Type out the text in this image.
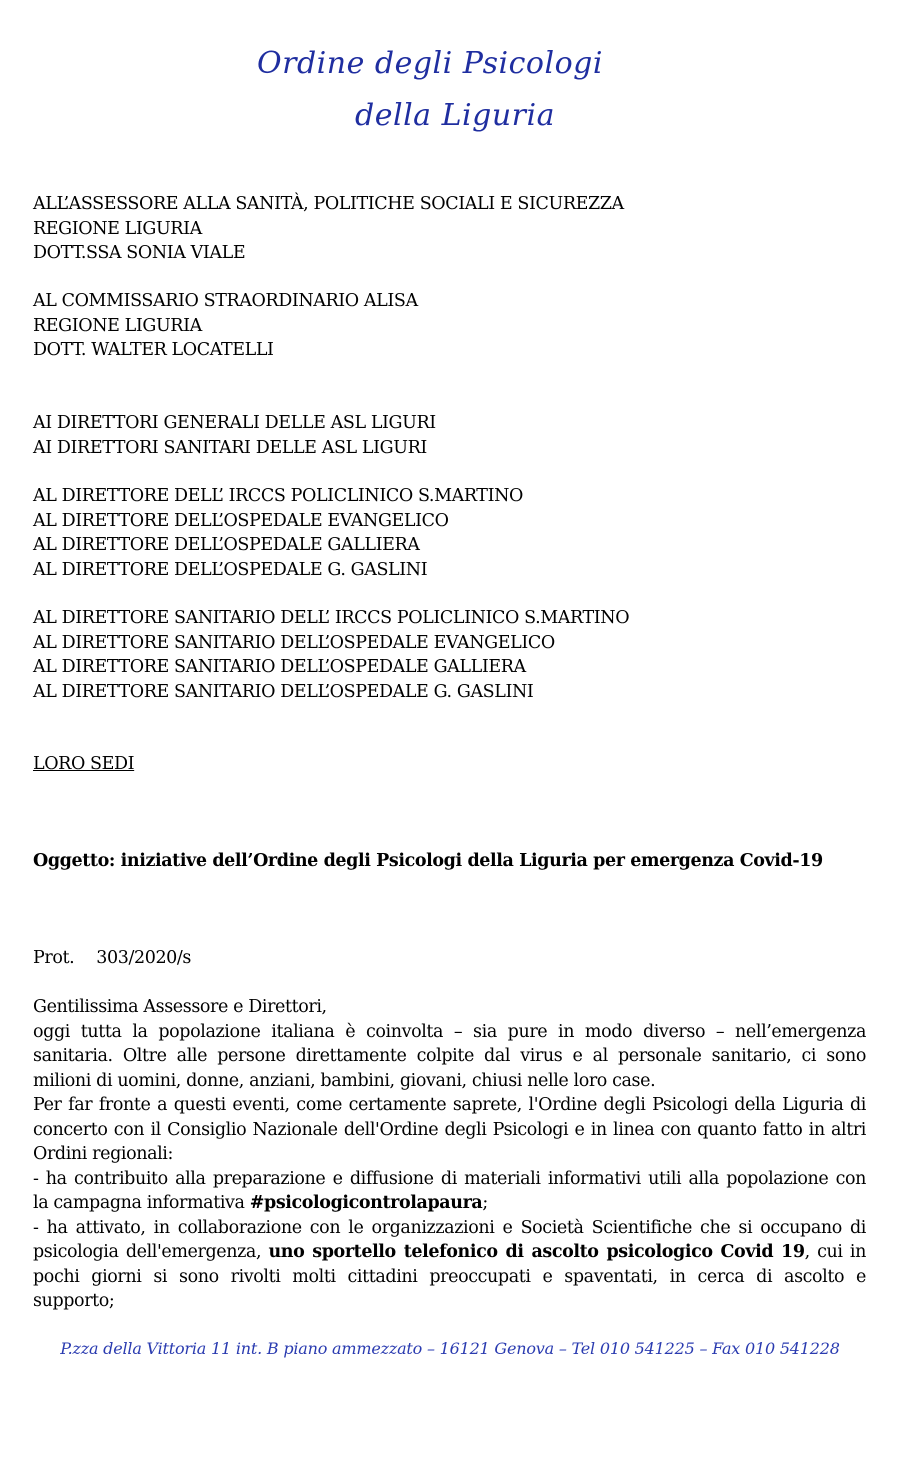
Ordine degli Psicologi
della Liguria
ALL’ASSESSORE ALLA SANITÀ, POLITICHE SOCIALI E SICUREZZA
REGIONE LIGURIA
DOTT.SSA SONIA VIALE
AL COMMISSARIO STRAORDINARIO ALISA
REGIONE LIGURIA
DOTT. WALTER LOCATELLI
AI DIRETTORI GENERALI DELLE ASL LIGURI
AI DIRETTORI SANITARI DELLE ASL LIGURI
AL DIRETTORE DELL’ IRCCS POLICLINICO S.MARTINO
AL DIRETTORE DELL’OSPEDALE EVANGELICO
AL DIRETTORE DELL’OSPEDALE GALLIERA
AL DIRETTORE DELL’OSPEDALE G. GASLINI
AL DIRETTORE SANITARIO DELL’ IRCCS POLICLINICO S.MARTINO
AL DIRETTORE SANITARIO DELL’OSPEDALE EVANGELICO
AL DIRETTORE SANITARIO DELL’OSPEDALE GALLIERA
AL DIRETTORE SANITARIO DELL’OSPEDALE G. GASLINI
LORO SEDI
Oggetto: iniziative dell’Ordine degli Psicologi della Liguria per emergenza Covid-19
Prot. 303/2020/s
Gentilissima Assessore e Direttori,
oggi tutta la popolazione italiana è coinvolta – sia pure in modo diverso – nell’emergenza
sanitaria. Oltre alle persone direttamente colpite dal virus e al personale sanitario, ci sono
milioni di uomini, donne, anziani, bambini, giovani, chiusi nelle loro case.
Per far fronte a questi eventi, come certamente saprete, l'Ordine degli Psicologi della Liguria di
concerto con il Consiglio Nazionale dell'Ordine degli Psicologi e in linea con quanto fatto in altri
Ordini regionali:
- ha contribuito alla preparazione e diffusione di materiali informativi utili alla popolazione con
la campagna informativa #psicologicontrolapaura;
- ha attivato, in collaborazione con le organizzazioni e Società Scientifiche che si occupano di
psicologia dell'emergenza, uno sportello telefonico di ascolto psicologico Covid 19, cui in
pochi giorni si sono rivolti molti cittadini preoccupati e spaventati, in cerca di ascolto e
supporto;
P.zza della Vittoria 11 int. B piano ammezzato – 16121 Genova – Tel 010 541225 – Fax 010 541228
